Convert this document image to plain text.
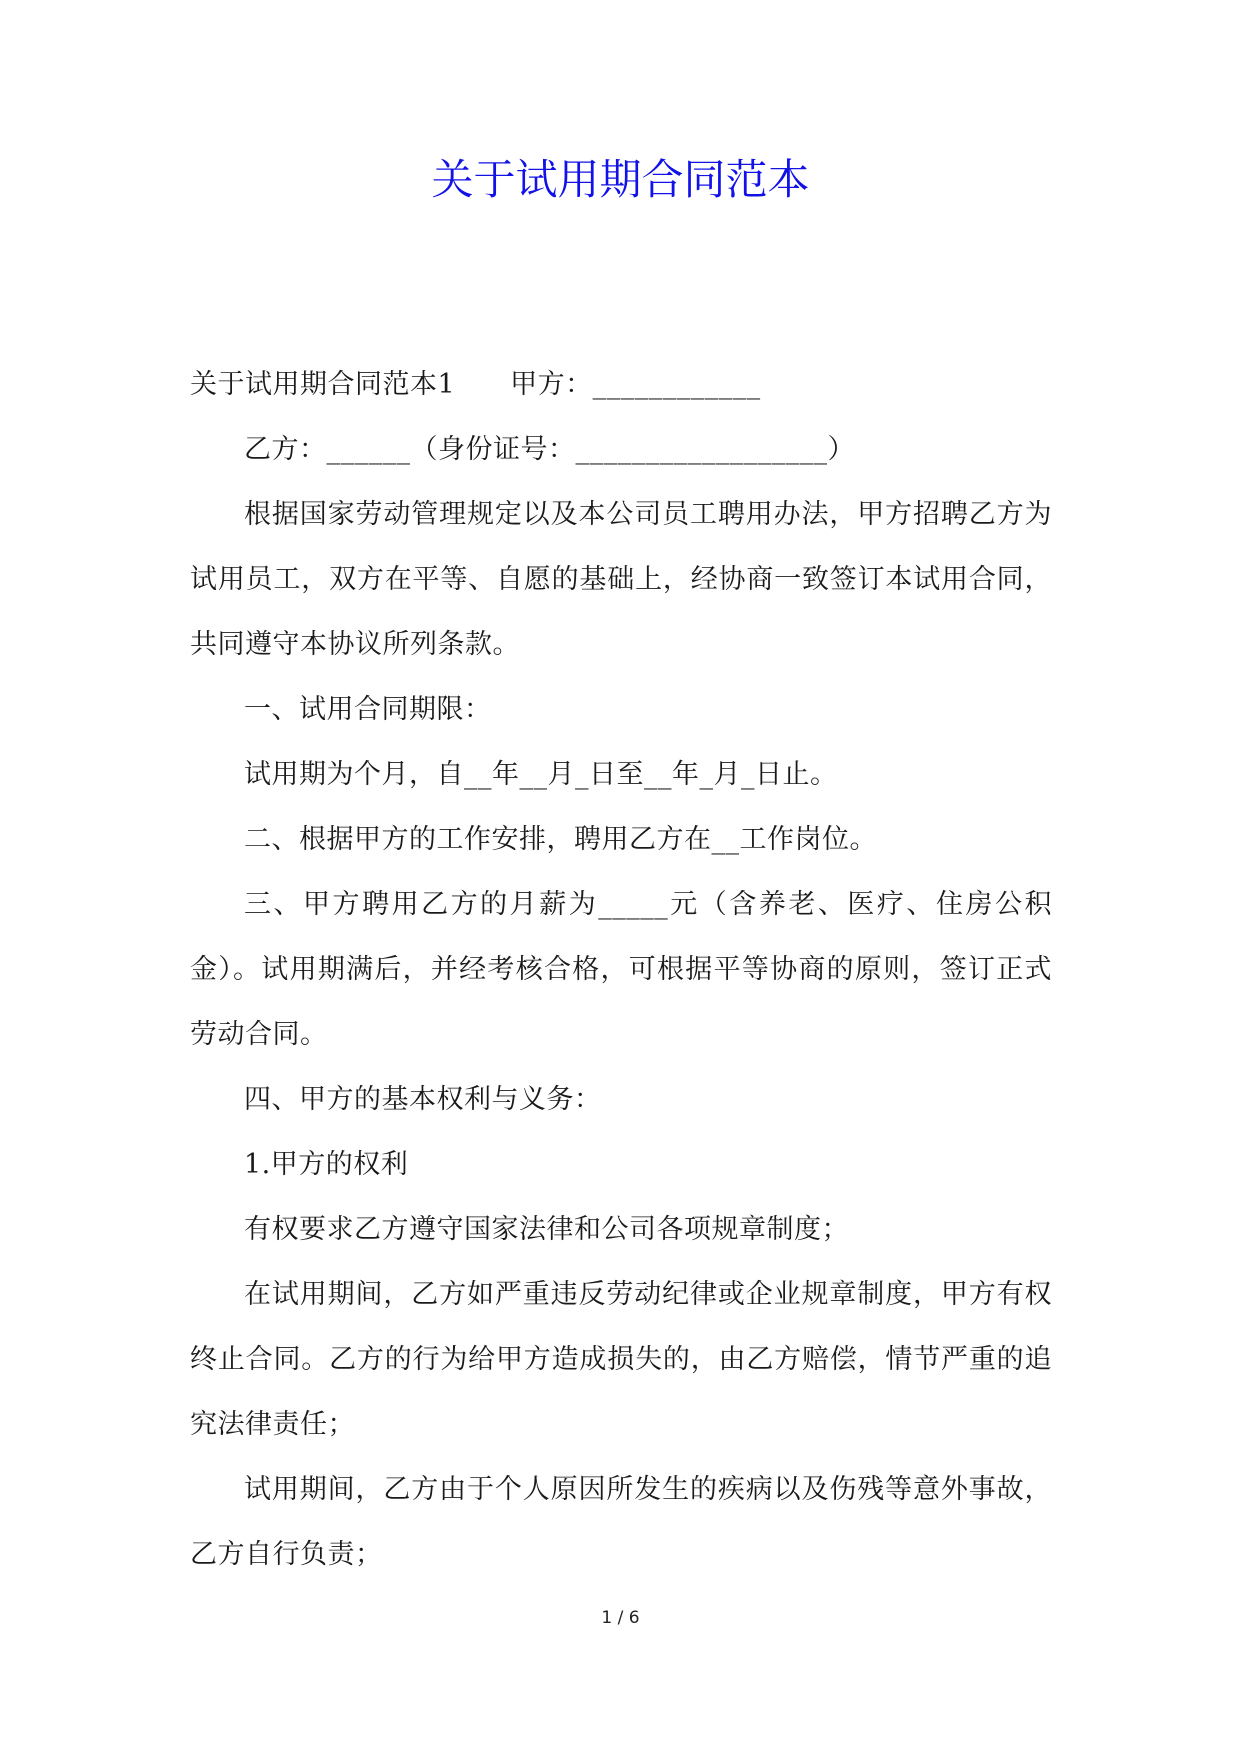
关于试用期合同范本

关于试用期合同范本1　　甲方：____________

乙方：______（身份证号：__________________）

根据国家劳动管理规定以及本公司员工聘用办法，甲方招聘乙方为试用员工，双方在平等、自愿的基础上，经协商一致签订本试用合同，共同遵守本协议所列条款。

一、试用合同期限：

试用期为个月，自__年__月_日至__年_月_日止。

二、根据甲方的工作安排，聘用乙方在__工作岗位。

三、甲方聘用乙方的月薪为_____元（含养老、医疗、住房公积金）。试用期满后，并经考核合格，可根据平等协商的原则，签订正式劳动合同。

四、甲方的基本权利与义务：

1.甲方的权利

有权要求乙方遵守国家法律和公司各项规章制度；

在试用期间，乙方如严重违反劳动纪律或企业规章制度，甲方有权终止合同。乙方的行为给甲方造成损失的，由乙方赔偿，情节严重的追究法律责任；

试用期间，乙方由于个人原因所发生的疾病以及伤残等意外事故，乙方自行负责；

1 / 6
